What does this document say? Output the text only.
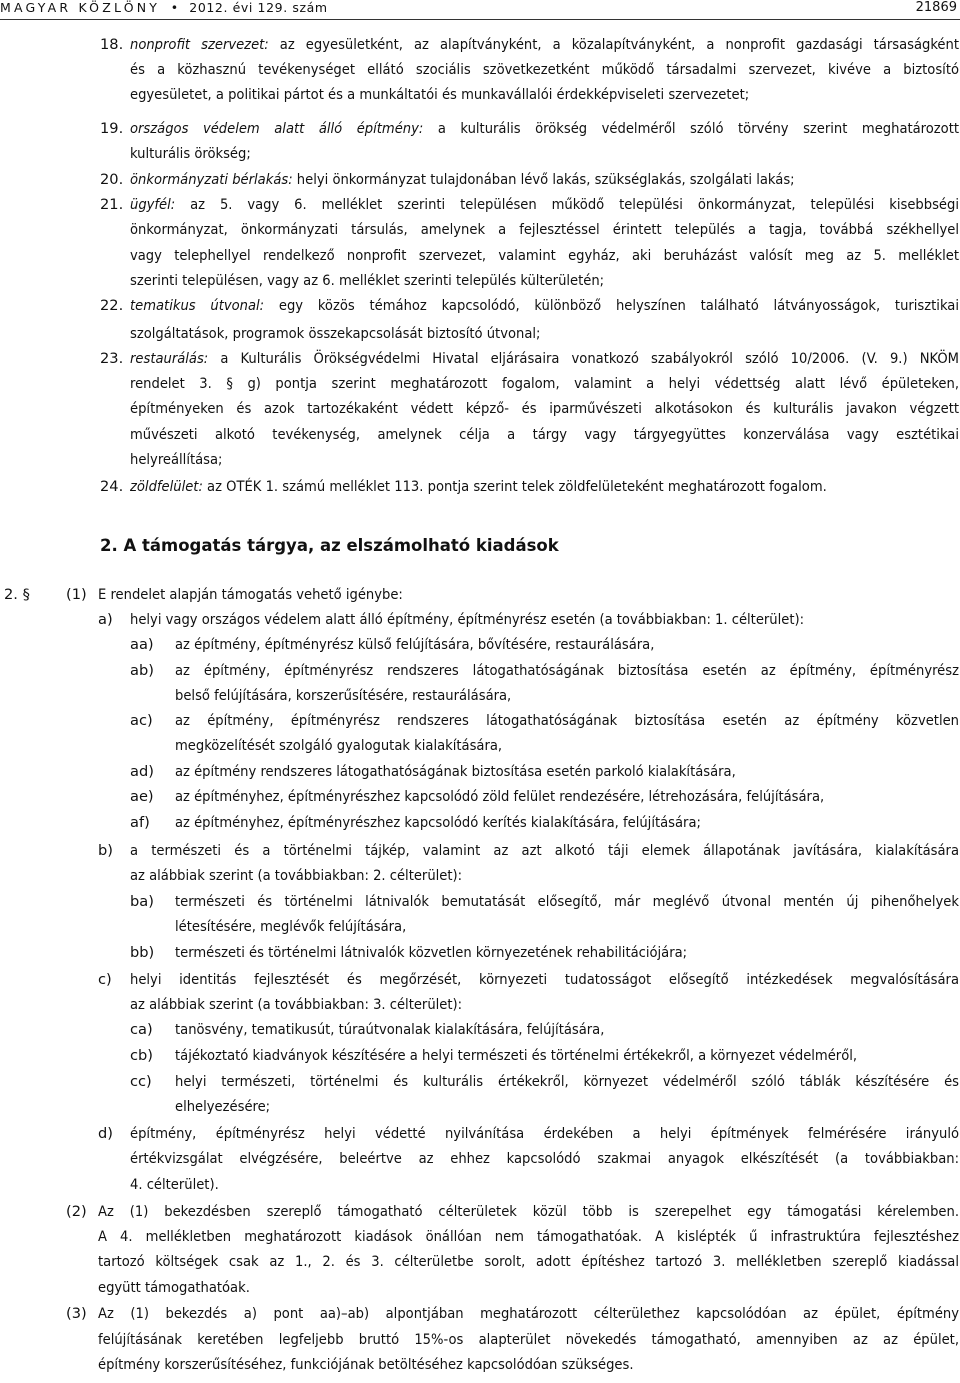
MAGYAR KÖZLÖNY • 2012. évi 129. szám	21869
18. nonprofit szervezet: az egyesületként, az alapítványként, a közalapítványként, a nonprofit gazdasági társaságként
és a közhasznú tevékenységet ellátó szociális szövetkezetként működő társadalmi szervezet, kivéve a biztosító
egyesületet, a politikai pártot és a munkáltatói és munkavállalói érdekképviseleti szervezetet;
19. országos védelem alatt álló építmény: a kulturális örökség védelméről szóló törvény szerint meghatározott
kulturális örökség;
20. önkormányzati bérlakás: helyi önkormányzat tulajdonában lévő lakás, szükséglakás, szolgálati lakás;
21. ügyfél: az 5. vagy 6. melléklet szerinti településen működő települési önkormányzat, települési kisebbségi
önkormányzat, önkormányzati társulás, amelynek a fejlesztéssel érintett település a tagja, továbbá székhellyel
vagy telephellyel rendelkező nonprofit szervezet, valamint egyház, aki beruházást valósít meg az 5. melléklet
szerinti településen, vagy az 6. melléklet szerinti település külterületén;
22. tematikus útvonal: egy közös témához kapcsolódó, különböző helyszínen található látványosságok, turisztikai
szolgáltatások, programok összekapcsolását biztosító útvonal;
23. restaurálás: a Kulturális Örökségvédelmi Hivatal eljárásaira vonatkozó szabályokról szóló 10/2006. (V. 9.) NKÖM
rendelet 3. § g) pontja szerint meghatározott fogalom, valamint a helyi védettség alatt lévő épületeken,
építményeken és azok tartozékaként védett képző- és iparművészeti alkotásokon és kulturális javakon végzett
művészeti alkotó tevékenység, amelynek célja a tárgy vagy tárgyegyüttes konzerválása vagy esztétikai
helyreállítása;
24. zöldfelület: az OTÉK 1. számú melléklet 113. pontja szerint telek zöldfelületeként meghatározott fogalom.
2. § (1) E rendelet alapján támogatás vehető igénybe:
a) helyi vagy országos védelem alatt álló építmény, építményrész esetén (a továbbiakban: 1. célterület):
aa) az építmény, építményrész külső felújítására, bővítésére, restaurálására,
ab) az építmény, építményrész rendszeres látogathatóságának biztosítása esetén az építmény, építményrész
belső felújítására, korszerűsítésére, restaurálására,
ac) az építmény, építményrész rendszeres látogathatóságának biztosítása esetén az építmény közvetlen
megközelítését szolgáló gyalogutak kialakítására,
ad) az építmény rendszeres látogathatóságának biztosítása esetén parkoló kialakítására,
ae) az építményhez, építményrészhez kapcsolódó zöld felület rendezésére, létrehozására, felújítására,
af) az építményhez, építményrészhez kapcsolódó kerítés kialakítására, felújítására;
b) a természeti és a történelmi tájkép, valamint az azt alkotó táji elemek állapotának javítására, kialakítására
az alábbiak szerint (a továbbiakban: 2. célterület):
ba) természeti és történelmi látnivalók bemutatását elősegítő, már meglévő útvonal mentén új pihenőhelyek
létesítésére, meglévők felújítására,
bb) természeti és történelmi látnivalók közvetlen környezetének rehabilitációjára;
c) helyi identitás fejlesztését és megőrzését, környezeti tudatosságot elősegítő intézkedések megvalósítására
az alábbiak szerint (a továbbiakban: 3. célterület):
ca) tanösvény, tematikusút, túraútvonalak kialakítására, felújítására,
cb) tájékoztató kiadványok készítésére a helyi természeti és történelmi értékekről, a környezet védelméről,
cc) helyi természeti, történelmi és kulturális értékekről, környezet védelméről szóló táblák készítésére és
elhelyezésére;
d) építmény, építményrész helyi védetté nyilvánítása érdekében a helyi építmények felmérésére irányuló
értékvizsgálat elvégzésére, beleértve az ehhez kapcsolódó szakmai anyagok elkészítését (a továbbiakban:
4. célterület).
(2) Az (1) bekezdésben szereplő támogatható célterületek közül több is szerepelhet egy támogatási kérelemben.
A 4. mellékletben meghatározott kiadások önállóan nem támogathatóak. A kislépték ű infrastruktúra fejlesztéshez
tartozó költségek csak az 1., 2. és 3. célterületbe sorolt, adott építéshez tartozó 3. mellékletben szereplő kiadással
együtt támogathatóak.
(3) Az (1) bekezdés a) pont aa)–ab) alpontjában meghatározott célterülethez kapcsolódóan az épület, építmény
felújításának keretében legfeljebb bruttó 15%-os alapterület növekedés támogatható, amennyiben az az épület,
építmény korszerűsítéséhez, funkciójának betöltéséhez kapcsolódóan szükséges.
2. A támogatás tárgya, az elszámolható kiadások
